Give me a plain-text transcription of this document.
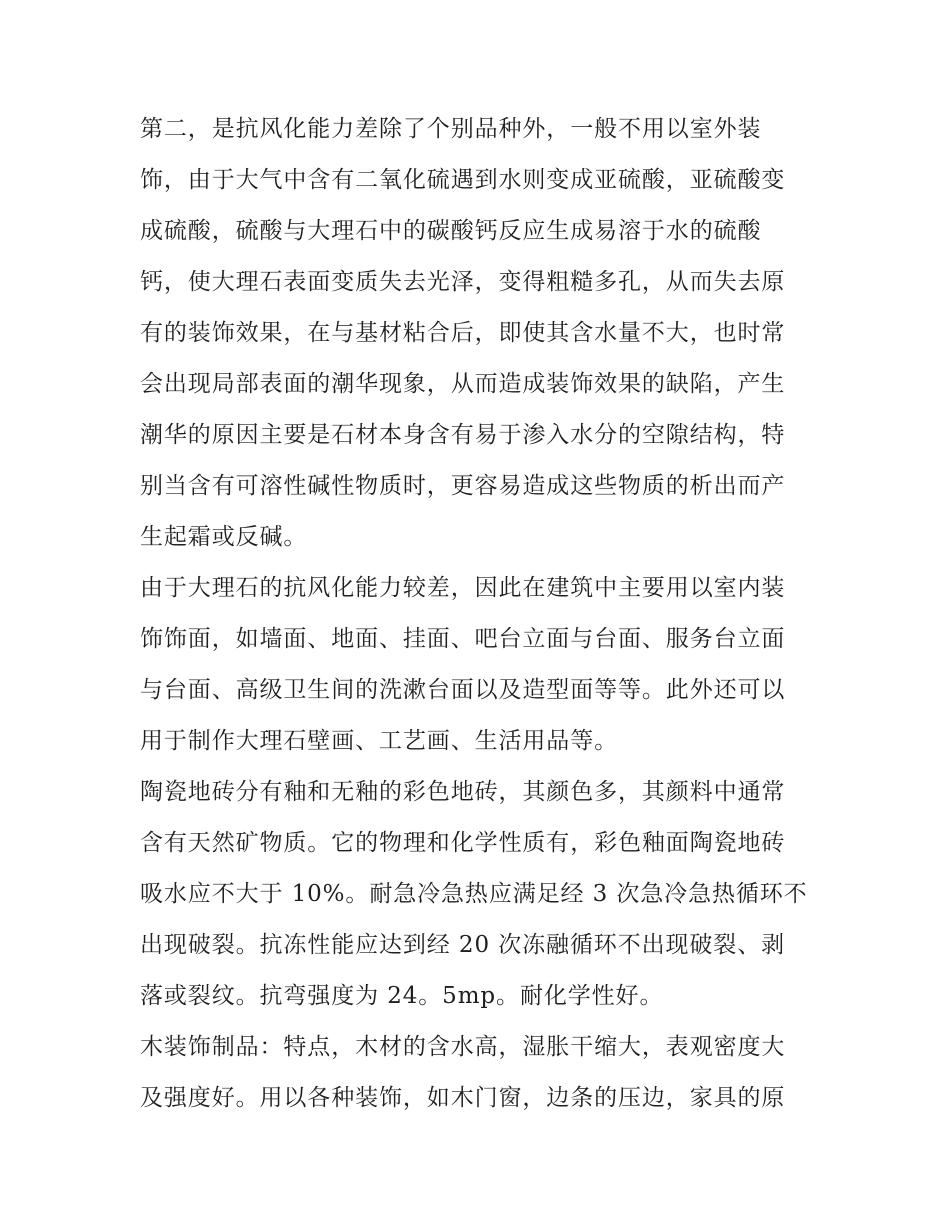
第二，是抗风化能力差除了个别品种外，一般不用以室外装
饰，由于大气中含有二氧化硫遇到水则变成亚硫酸，亚硫酸变
成硫酸，硫酸与大理石中的碳酸钙反应生成易溶于水的硫酸
钙，使大理石表面变质失去光泽，变得粗糙多孔，从而失去原
有的装饰效果，在与基材粘合后，即使其含水量不大，也时常
会出现局部表面的潮华现象，从而造成装饰效果的缺陷，产生
潮华的原因主要是石材本身含有易于渗入水分的空隙结构，特
别当含有可溶性碱性物质时，更容易造成这些物质的析出而产
生起霜或反碱。

由于大理石的抗风化能力较差，因此在建筑中主要用以室内装
饰饰面，如墙面、地面、挂面、吧台立面与台面、服务台立面
与台面、高级卫生间的洗漱台面以及造型面等等。此外还可以
用于制作大理石壁画、工艺画、生活用品等。

陶瓷地砖分有釉和无釉的彩色地砖，其颜色多，其颜料中通常
含有天然矿物质。它的物理和化学性质有，彩色釉面陶瓷地砖
吸水应不大于 10%。耐急冷急热应满足经 3 次急冷急热循环不
出现破裂。抗冻性能应达到经 20 次冻融循环不出现破裂、剥
落或裂纹。抗弯强度为 24。5mp。耐化学性好。

木装饰制品：特点，木材的含水高，湿胀干缩大，表观密度大
及强度好。用以各种装饰，如木门窗，边条的压边，家具的原
